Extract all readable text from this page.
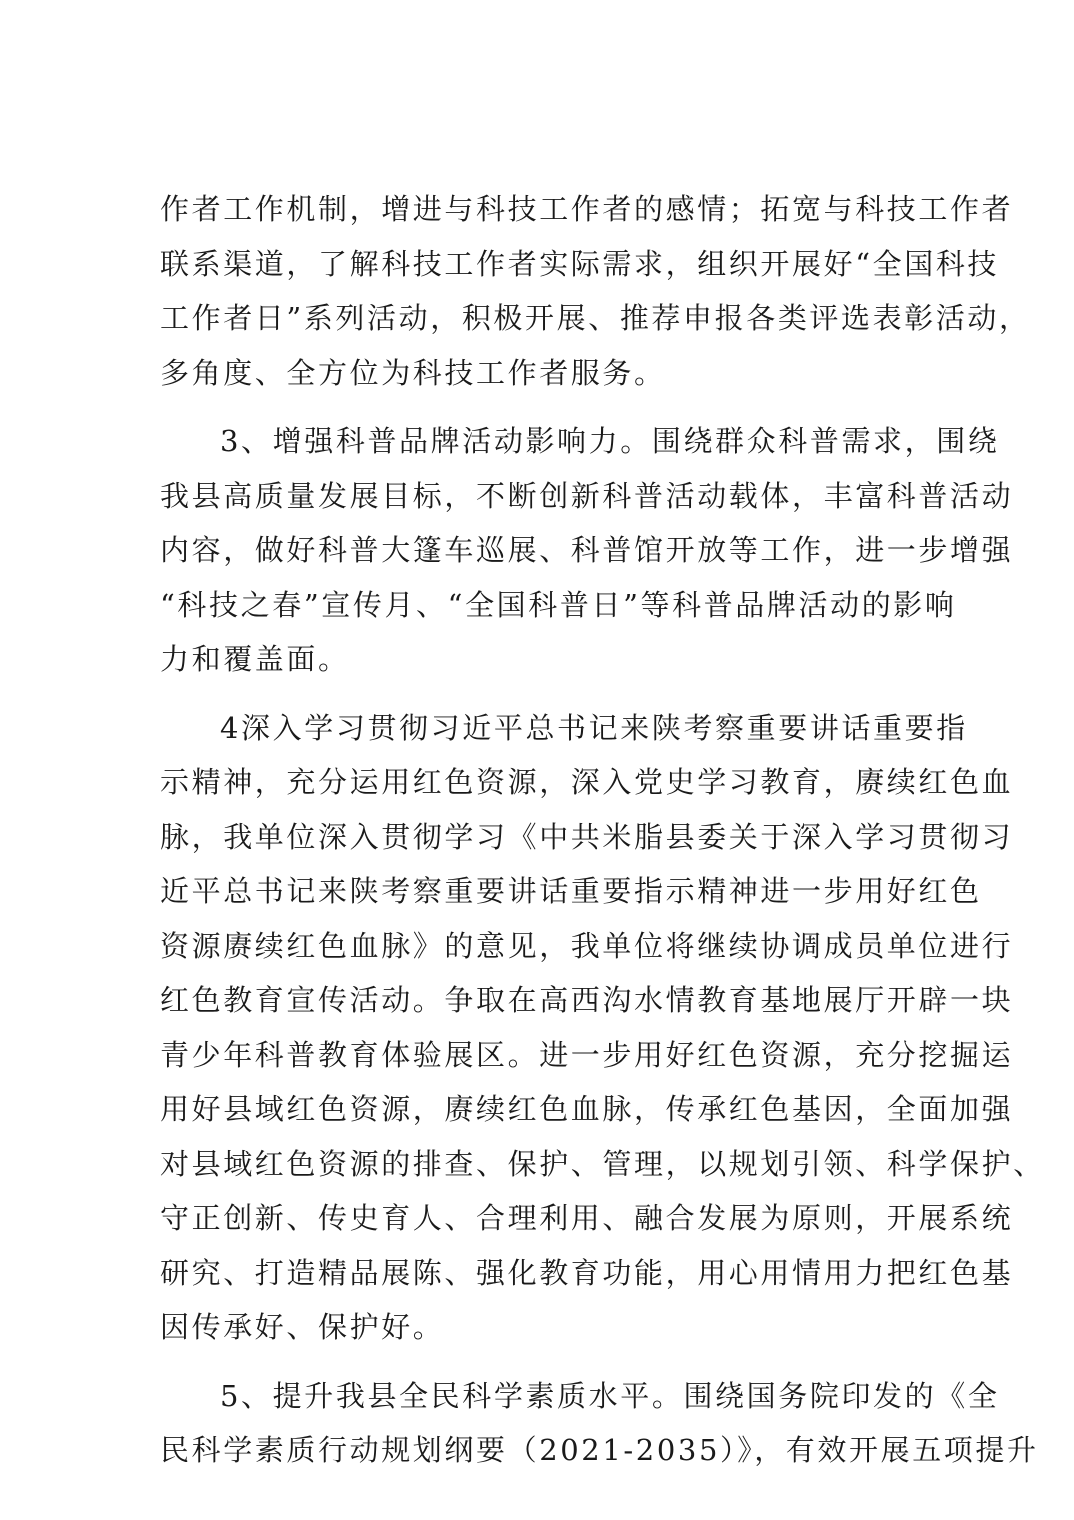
作者工作机制，增进与科技工作者的感情；拓宽与科技工作者
联系渠道，了解科技工作者实际需求，组织开展好“全国科技
工作者日”系列活动，积极开展、推荐申报各类评选表彰活动，
多角度、全方位为科技工作者服务。
3、增强科普品牌活动影响力。围绕群众科普需求，围绕
我县高质量发展目标，不断创新科普活动载体，丰富科普活动
内容，做好科普大篷车巡展、科普馆开放等工作，进一步增强
“科技之春”宣传月、“全国科普日”等科普品牌活动的影响
力和覆盖面。
4深入学习贯彻习近平总书记来陕考察重要讲话重要指
示精神，充分运用红色资源，深入党史学习教育，赓续红色血
脉，我单位深入贯彻学习《中共米脂县委关于深入学习贯彻习
近平总书记来陕考察重要讲话重要指示精神进一步用好红色
资源赓续红色血脉》的意见，我单位将继续协调成员单位进行
红色教育宣传活动。争取在高西沟水情教育基地展厅开辟一块
青少年科普教育体验展区。进一步用好红色资源，充分挖掘运
用好县域红色资源，赓续红色血脉，传承红色基因，全面加强
对县域红色资源的排查、保护、管理，以规划引领、科学保护、
守正创新、传史育人、合理利用、融合发展为原则，开展系统
研究、打造精品展陈、强化教育功能，用心用情用力把红色基
因传承好、保护好。
5、提升我县全民科学素质水平。围绕国务院印发的《全
民科学素质行动规划纲要（2021-2035）》，有效开展五项提升
